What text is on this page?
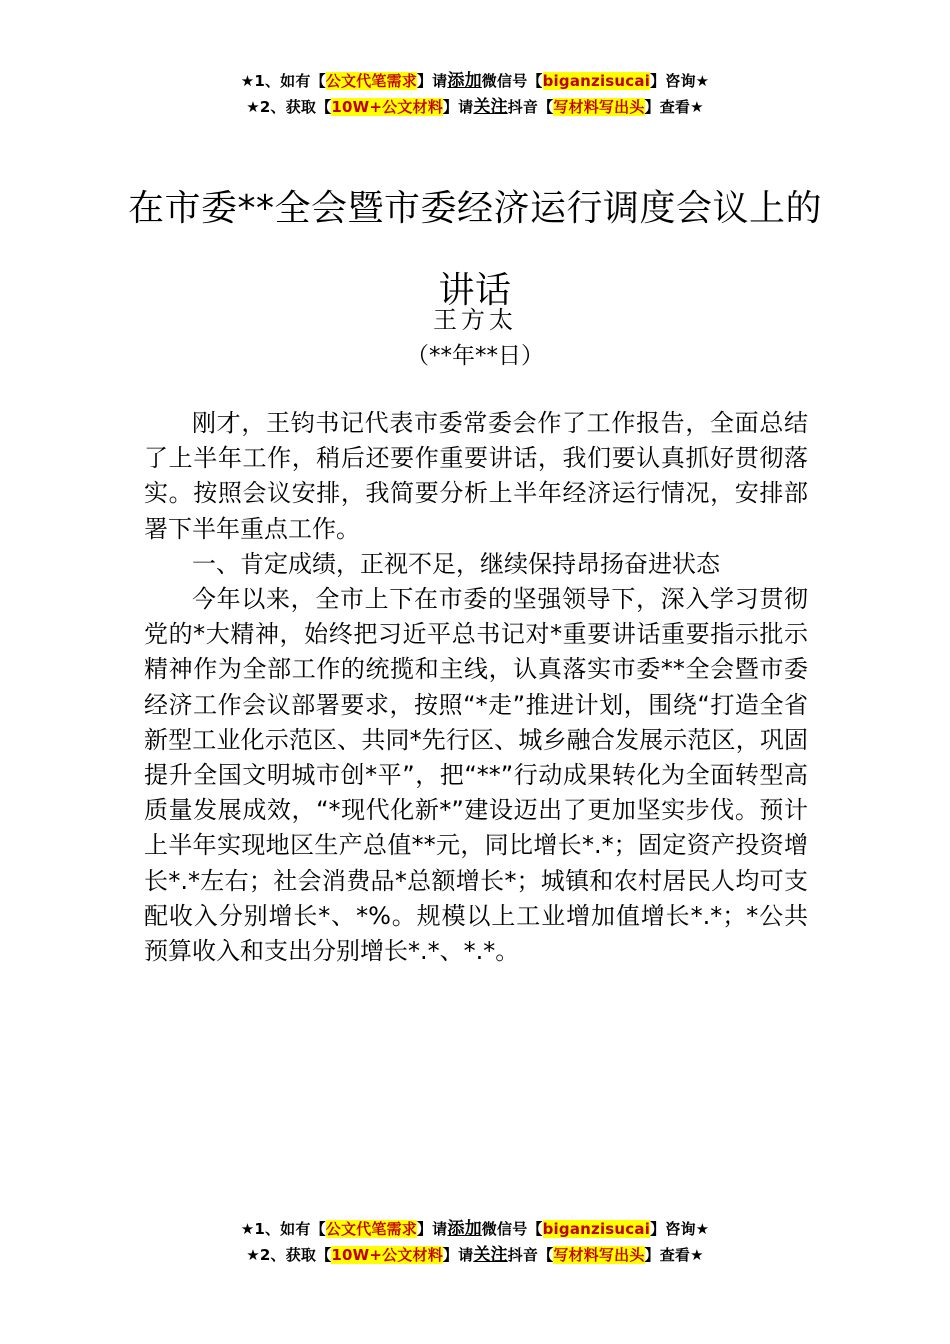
★1、如有【公文代笔需求】请添加微信号【biganzisucai】咨询★
★2、获取【10W+公文材料】请关注抖音【写材料写出头】查看★
在市委**全会暨市委经济运行调度会议上的讲话
王方太
（**年**日）

刚才，王钧书记代表市委常委会作了工作报告，全面总结了上半年工作，稍后还要作重要讲话，我们要认真抓好贯彻落实。按照会议安排，我简要分析上半年经济运行情况，安排部署下半年重点工作。

一、肯定成绩，正视不足，继续保持昂扬奋进状态

今年以来，全市上下在市委的坚强领导下，深入学习贯彻党的*大精神，始终把习近平总书记对*重要讲话重要指示批示精神作为全部工作的统揽和主线，认真落实市委**全会暨市委经济工作会议部署要求，按照“*走”推进计划，围绕“打造全省新型工业化示范区、共同*先行区、城乡融合发展示范区，巩固提升全国文明城市创*平”，把“**”行动成果转化为全面转型高质量发展成效，“*现代化新*”建设迈出了更加坚实步伐。预计上半年实现地区生产总值**元，同比增长*.*；固定资产投资增长*.*左右；社会消费品*总额增长*；城镇和农村居民人均可支配收入分别增长*、*%。规模以上工业增加值增长*.*；*公共预算收入和支出分别增长*.*、*.*。

★1、如有【公文代笔需求】请添加微信号【biganzisucai】咨询★
★2、获取【10W+公文材料】请关注抖音【写材料写出头】查看★
